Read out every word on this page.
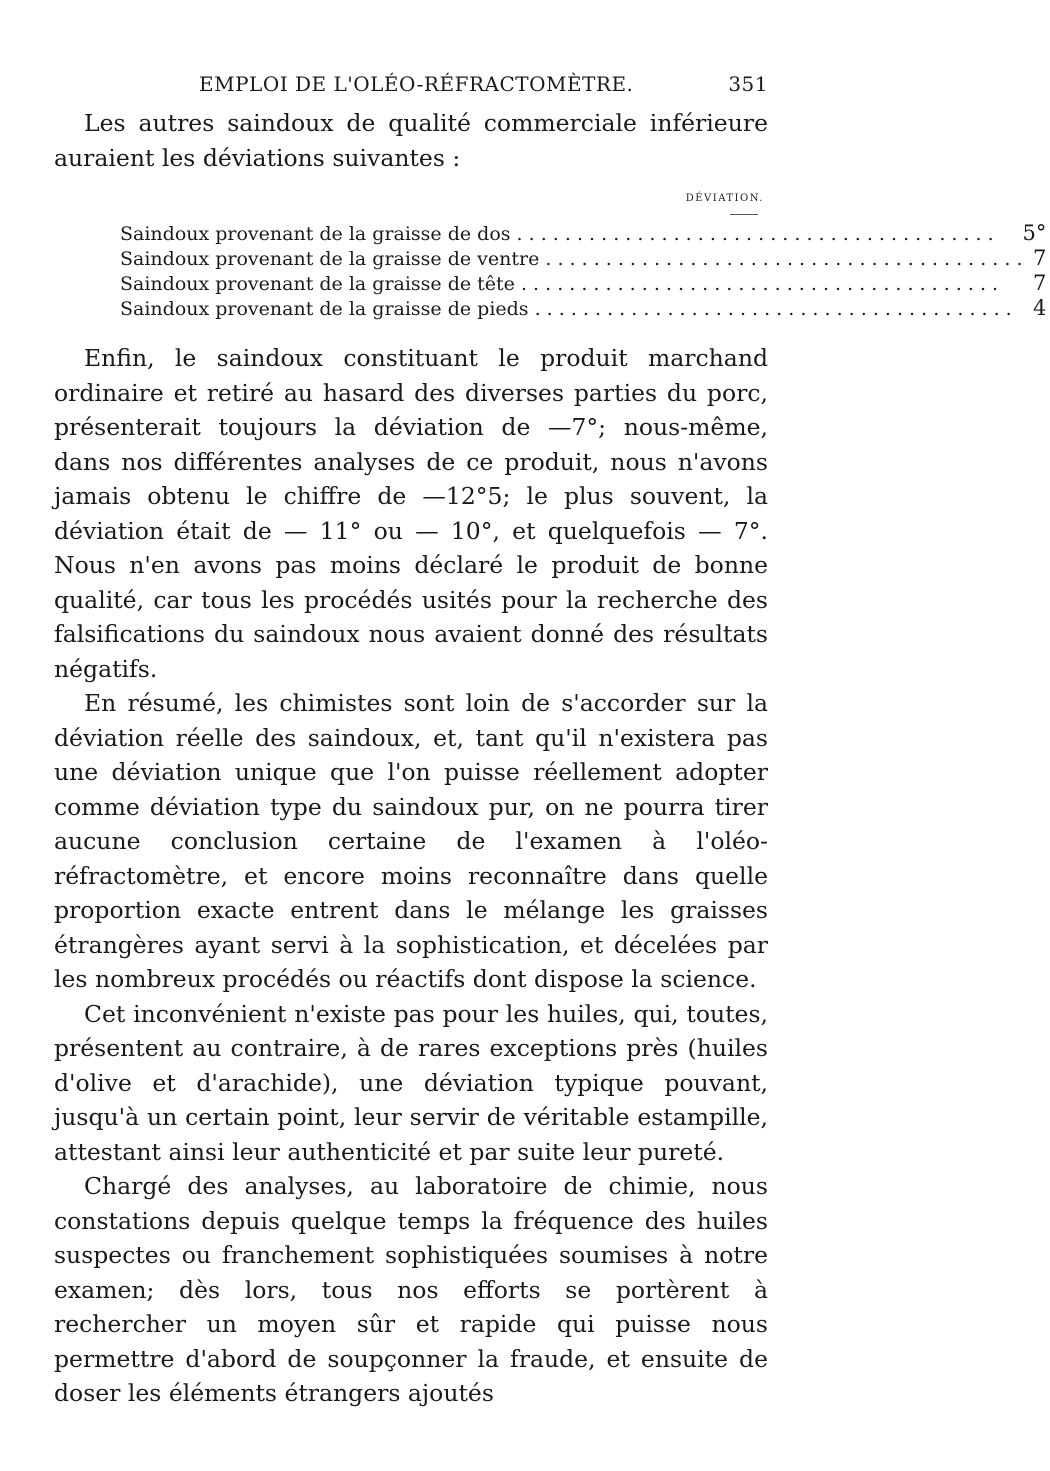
EMPLOI DE L'OLÉO-RÉFRACTOMÈTRE.	351

Les autres saindoux de qualité commerciale inférieure auraient les déviations suivantes :

DÉVIATION.
Saindoux provenant de la graisse de dos . . .	5°
Saindoux provenant de la graisse de ventre . . .	7
Saindoux provenant de la graisse de tête . . .	7
Saindoux provenant de la graisse de pieds . . .	4

Enfin, le saindoux constituant le produit marchand ordinaire et retiré au hasard des diverses parties du porc, présenterait toujours la déviation de —7°; nous-même, dans nos différentes analyses de ce produit, nous n'avons jamais obtenu le chiffre de —12°5; le plus souvent, la déviation était de — 11° ou — 10°, et quelquefois — 7°. Nous n'en avons pas moins déclaré le produit de bonne qualité, car tous les procédés usités pour la recherche des falsifications du saindoux nous avaient donné des résultats négatifs.

En résumé, les chimistes sont loin de s'accorder sur la déviation réelle des saindoux, et, tant qu'il n'existera pas une déviation unique que l'on puisse réellement adopter comme déviation type du saindoux pur, on ne pourra tirer aucune conclusion certaine de l'examen à l'oléo-réfractomètre, et encore moins reconnaître dans quelle proportion exacte entrent dans le mélange les graisses étrangères ayant servi à la sophistication, et décelées par les nombreux procédés ou réactifs dont dispose la science.

Cet inconvénient n'existe pas pour les huiles, qui, toutes, présentent au contraire, à de rares exceptions près (huiles d'olive et d'arachide), une déviation typique pouvant, jusqu'à un certain point, leur servir de véritable estampille, attestant ainsi leur authenticité et par suite leur pureté.

Chargé des analyses, au laboratoire de chimie, nous constations depuis quelque temps la fréquence des huiles suspectes ou franchement sophistiquées soumises à notre examen; dès lors, tous nos efforts se portèrent à rechercher un moyen sûr et rapide qui puisse nous permettre d'abord de soupçonner la fraude, et ensuite de doser les éléments étrangers ajoutés
